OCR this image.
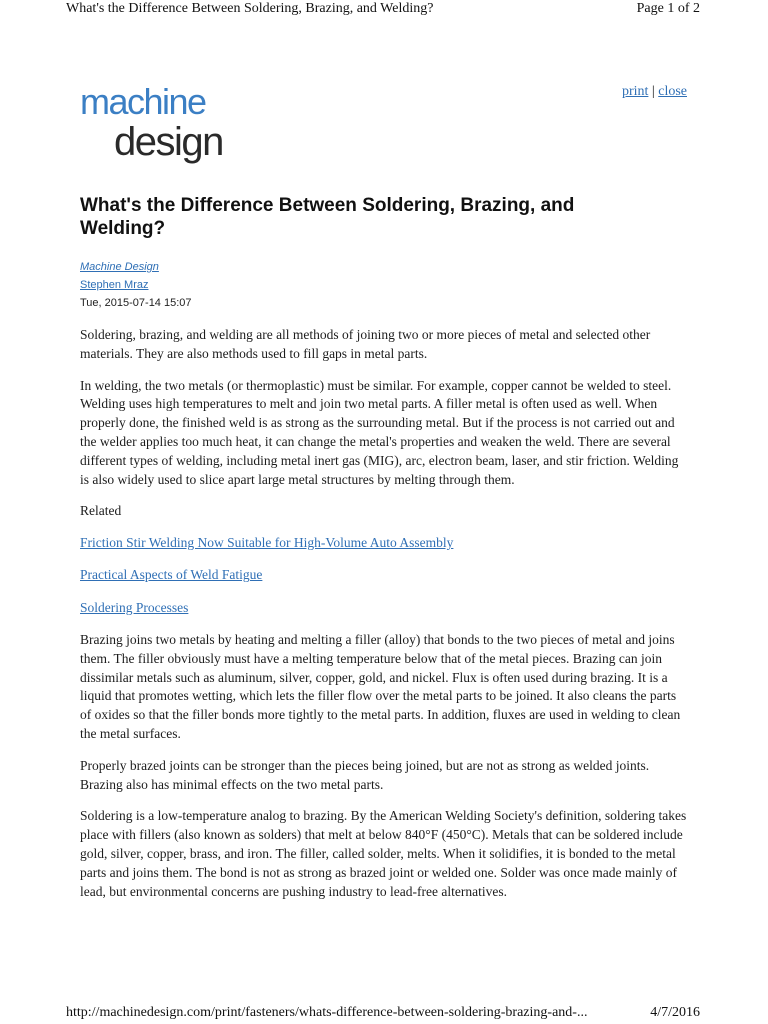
What's the Difference Between Soldering, Brazing, and Welding?	Page 1 of 2
machine
design
print | close
What's the Difference Between Soldering, Brazing, and Welding?
Machine Design
Stephen Mraz
Tue, 2015-07-14 15:07

Soldering, brazing, and welding are all methods of joining two or more pieces of metal and selected other materials. They are also methods used to fill gaps in metal parts.

In welding, the two metals (or thermoplastic) must be similar. For example, copper cannot be welded to steel. Welding uses high temperatures to melt and join two metal parts. A filler metal is often used as well. When properly done, the finished weld is as strong as the surrounding metal. But if the process is not carried out and the welder applies too much heat, it can change the metal's properties and weaken the weld. There are several different types of welding, including metal inert gas (MIG), arc, electron beam, laser, and stir friction. Welding is also widely used to slice apart large metal structures by melting through them.

Related

Friction Stir Welding Now Suitable for High-Volume Auto Assembly
Practical Aspects of Weld Fatigue
Soldering Processes

Brazing joins two metals by heating and melting a filler (alloy) that bonds to the two pieces of metal and joins them. The filler obviously must have a melting temperature below that of the metal pieces. Brazing can join dissimilar metals such as aluminum, silver, copper, gold, and nickel. Flux is often used during brazing. It is a liquid that promotes wetting, which lets the filler flow over the metal parts to be joined. It also cleans the parts of oxides so that the filler bonds more tightly to the metal parts. In addition, fluxes are used in welding to clean the metal surfaces.

Properly brazed joints can be stronger than the pieces being joined, but are not as strong as welded joints. Brazing also has minimal effects on the two metal parts.

Soldering is a low-temperature analog to brazing. By the American Welding Society's definition, soldering takes place with fillers (also known as solders) that melt at below 840°F (450°C). Metals that can be soldered include gold, silver, copper, brass, and iron. The filler, called solder, melts. When it solidifies, it is bonded to the metal parts and joins them. The bond is not as strong as brazed joint or welded one. Solder was once made mainly of lead, but environmental concerns are pushing industry to lead-free alternatives.

http://machinedesign.com/print/fasteners/whats-difference-between-soldering-brazing-and-...	4/7/2016
